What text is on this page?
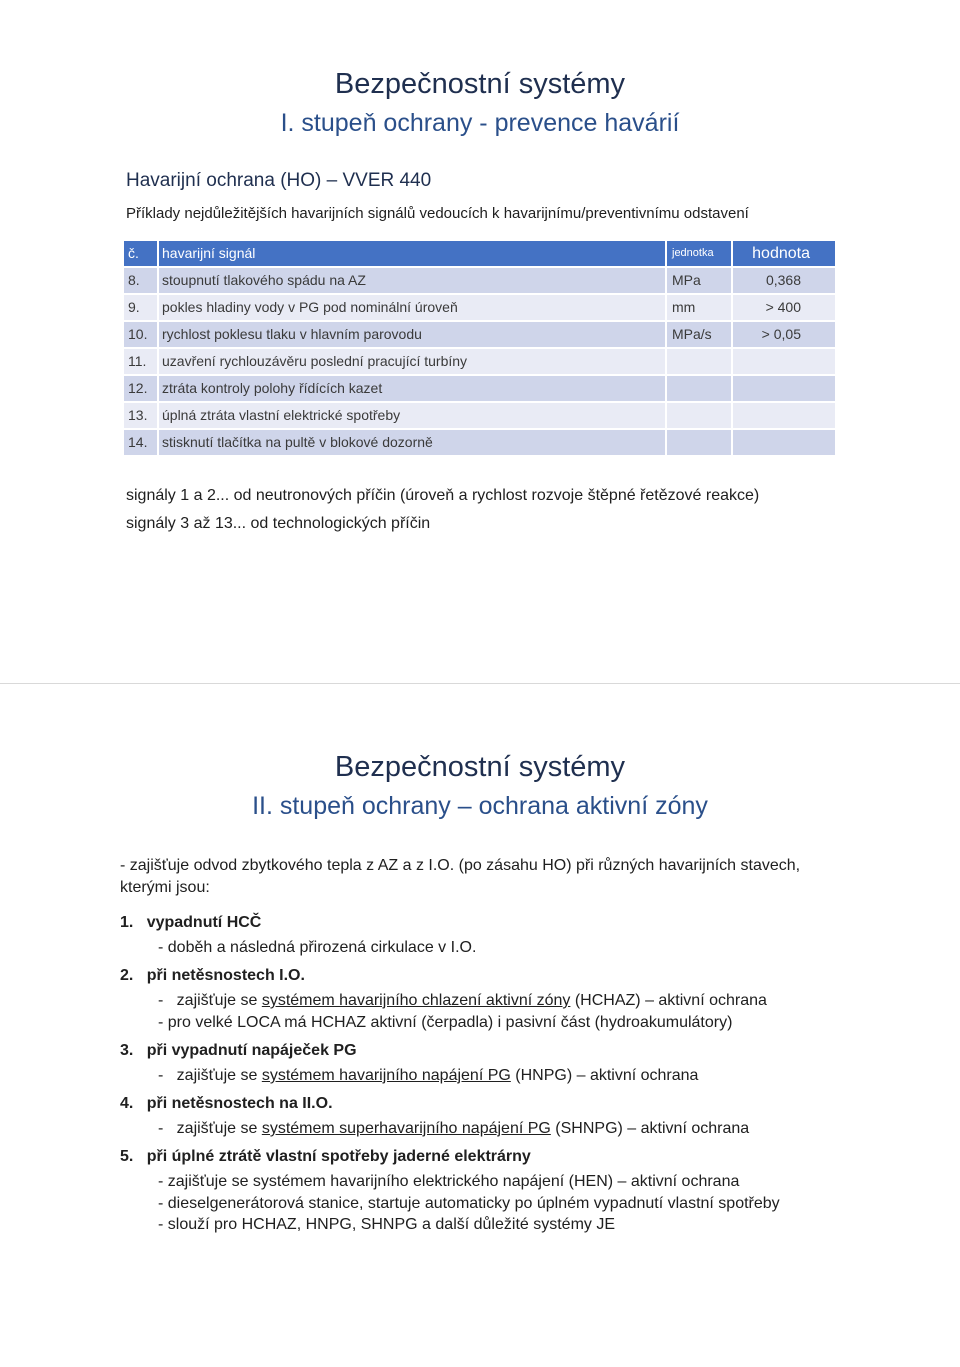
Bezpečnostní systémy
I. stupeň ochrany - prevence havárií
Havarijní ochrana (HO) – VVER 440
Příklady nejdůležitějších havarijních signálů vedoucích k havarijnímu/preventivnímu odstavení
č.	havarijní signál	jednotka	hodnota
8.	stoupnutí tlakového spádu na AZ	MPa	0,368
9.	pokles hladiny vody v PG pod nominální úroveň	mm	> 400
10.	rychlost poklesu tlaku v hlavním parovodu	MPa/s	> 0,05
11.	uzavření rychlouzávěru poslední pracující turbíny
12.	ztráta kontroly polohy řídících kazet
13.	úplná ztráta vlastní elektrické spotřeby
14.	stisknutí tlačítka na pultě v blokové dozorně
signály 1 a 2... od neutronových příčin (úroveň a rychlost rozvoje štěpné řetězové reakce)
signály 3 až 13... od technologických příčin
Bezpečnostní systémy
II. stupeň ochrany – ochrana aktivní zóny
- zajišťuje odvod zbytkového tepla z AZ a z I.O. (po zásahu HO) při různých havarijních stavech,
kterými jsou:
1. vypadnutí HCČ
- doběh a následná přirozená cirkulace v I.O.
2. při netěsnostech I.O.
-   zajišťuje se systémem havarijního chlazení aktivní zóny (HCHAZ) – aktivní ochrana
- pro velké LOCA má HCHAZ aktivní (čerpadla) i pasivní část (hydroakumulátory)
3. při vypadnutí napáječek PG
-   zajišťuje se systémem havarijního napájení PG (HNPG) – aktivní ochrana
4. při netěsnostech na II.O.
-   zajišťuje se systémem superhavarijního napájení PG (SHNPG) – aktivní ochrana
5. při úplné ztrátě vlastní spotřeby jaderné elektrárny
- zajišťuje se systémem havarijního elektrického napájení (HEN) – aktivní ochrana
- dieselgenerátorová stanice, startuje automaticky po úplném vypadnutí vlastní spotřeby
- slouží pro HCHAZ, HNPG, SHNPG a další důležité systémy JE
